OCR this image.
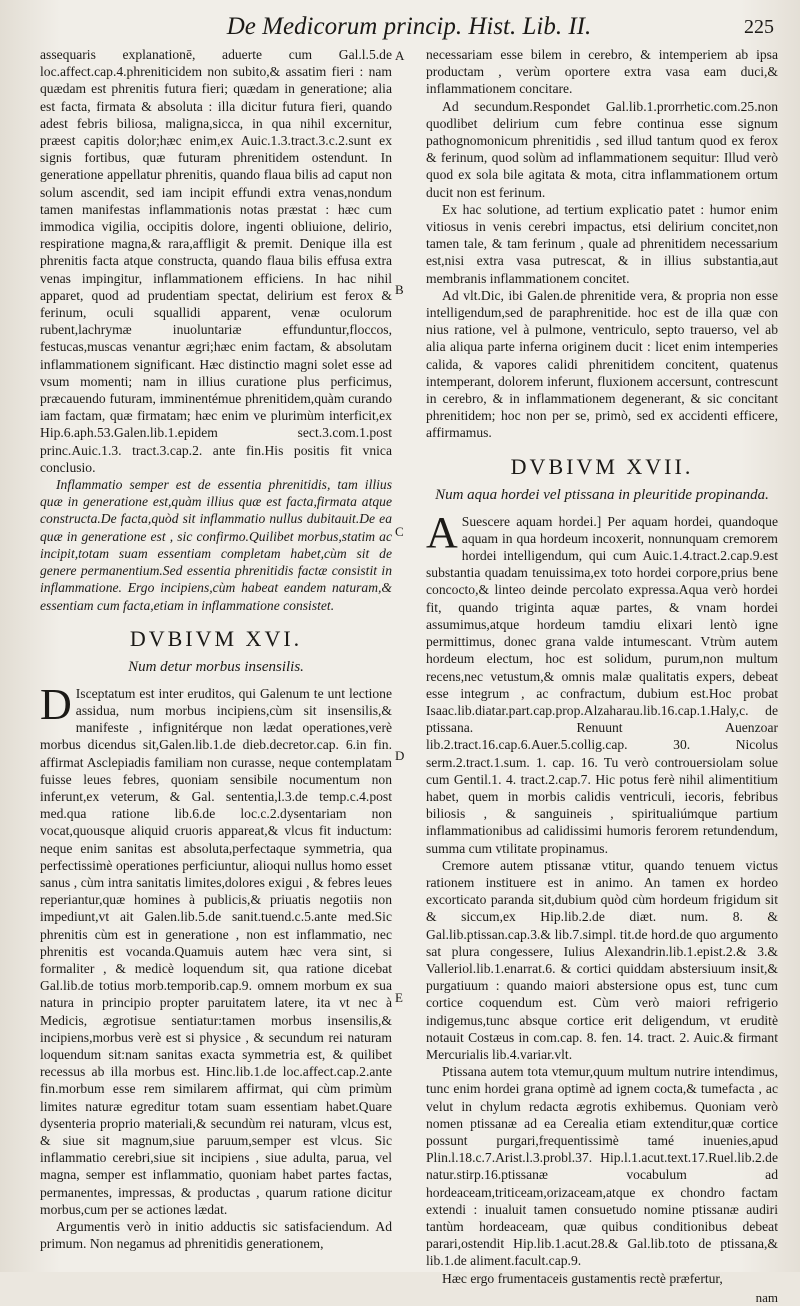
De Medicorum princip. Hist. Lib. II.	225
A
B
C
D
E

assequaris explanationē, aduerte cum Gal.l.5.de loc.affect.cap.4.phreniticidem non subito,& assatim fieri : nam quædam est phrenitis futura fieri; quædam in generatione; alia est facta, firmata & absoluta : illa dicitur futura fieri, quando adest febris biliosa, maligna,sicca, in qua nihil excernitur, præest capitis dolor;hæc enim,ex Auic.1.3.tract.3.c.2.sunt ex signis fortibus, quæ futuram phrenitidem ostendunt. In generatione appellatur phrenitis, quando flaua bilis ad caput non solum ascendit, sed iam incipit effundi extra venas,nondum tamen manifestas inflammationis notas præstat : hæc cum immodica vigilia, occipitis dolore, ingenti obliuione, delirio, respiratione magna,& rara,affligit & premit. Denique illa est phrenitis facta atque constructa, quando flaua bilis effusa extra venas impingitur, inflammationem efficiens. In hac nihil apparet, quod ad prudentiam spectat, delirium est ferox & ferinum, oculi squallidi apparent, venæ oculorum rubent,lachrymæ inuoluntariæ effunduntur,floccos, festucas,muscas venantur ægri;hæc enim factam, & absolutam inflammationem significant. Hæc distinctio magni solet esse ad vsum momenti; nam in illius curatione plus perficimus, præcauendo futuram, imminentémue phrenitidem,quàm curando iam factam, quæ firmatam; hæc enim ve plurimùm interficit,ex Hip.6.aph.53.Galen.lib.1.epidem sect.3.com.1.post princ.Auic.1.3. tract.3.cap.2. ante fin.His positis fit vnica conclusio.

Inflammatio semper est de essentia phrenitidis, tam illius quæ in generatione est,quàm illius quæ est facta,firmata atque constructa.De facta,quòd sit inflammatio nullus dubitauit.De ea quæ in generatione est , sic confirmo.Quilibet morbus,statim ac incipit,totam suam essentiam completam habet,cùm sit de genere permanentium.Sed essentia phrenitidis factæ consistit in inflammatione. Ergo incipiens,cùm habeat eandem naturam,& essentiam cum facta,etiam in inflammatione consistet.

DVBIVM XVI.
Num detur morbus insensilis.

D Isceptatum est inter eruditos, qui Galenum te unt lectione assidua, num morbus incipiens,cùm sit insensilis,& manifeste , infignitérque non lædat operationes,verè morbus dicendus sit,Galen.lib.1.de dieb.decretor.cap. 6.in fin. affirmat Asclepiadis familiam non curasse, neque contemplatam fuisse leues febres, quoniam sensibile nocumentum non inferunt,ex veterum, & Gal. sententia,l.3.de temp.c.4.post med.qua ratione lib.6.de loc.c.2.dysentariam non vocat,quousque aliquid cruoris appareat,& vlcus fit inductum: neque enim sanitas est absoluta,perfectaque symmetria, qua perfectissimè operationes perficiuntur, alioqui nullus homo esset sanus , cùm intra sanitatis limites,dolores exigui , & febres leues reperiantur,quæ homines à publicis,& priuatis negotiis non impediunt,vt ait Galen.lib.5.de sanit.tuend.c.5.ante med.Sic phrenitis cùm est in generatione , non est inflammatio, nec phrenitis est vocanda.Quamuis autem hæc vera sint, si formaliter , & medicè loquendum sit, qua ratione dicebat Gal.lib.de totius morb.temporib.cap.9. omnem morbum ex sua natura in principio propter paruitatem latere, ita vt nec à Medicis, ægrotisue sentiatur:tamen morbus insensilis,& incipiens,morbus verè est si physice , & secundum rei naturam loquendum sit:nam sanitas exacta symmetria est, & quilibet recessus ab illa morbus est. Hinc.lib.1.de loc.affect.cap.2.ante fin.morbum esse rem similarem affirmat, qui cùm primùm limites naturæ egreditur totam suam essentiam habet.Quare dysenteria proprio materiali,& secundùm rei naturam, vlcus est, & siue sit magnum,siue paruum,semper est vlcus. Sic inflammatio cerebri,siue sit incipiens , siue adulta, parua, vel magna, semper est inflammatio, quoniam habet partes factas, permanentes, impressas, & productas , quarum ratione dicitur morbus,cum per se actiones lædat.

Argumentis verò in initio adductis sic satisfaciendum. Ad primum. Non negamus ad phrenitidis generationem,

necessariam esse bilem in cerebro, & intemperiem ab ipsa productam , verùm oportere extra vasa eam duci,& inflammationem concitare.

Ad secundum.Respondet Gal.lib.1.prorrhetic.com.25.non quodlibet delirium cum febre continua esse signum pathognomonicum phrenitidis , sed illud tantum quod ex ferox & ferinum, quod solùm ad inflammationem sequitur: Illud verò quod ex sola bile agitata & mota, citra inflammationem ortum ducit non est ferinum.

Ex hac solutione, ad tertium explicatio patet : humor enim vitiosus in venis cerebri impactus, etsi delirium concitet,non tamen tale, & tam ferinum , quale ad phrenitidem necessarium est,nisi extra vasa putrescat, & in illius substantia,aut membranis inflammationem concitet.

Ad vlt.Dic, ibi Galen.de phrenitide vera, & propria non esse intelligendum,sed de paraphrenitide. hoc est de illa quæ con nius ratione, vel à pulmone, ventriculo, septo trauerso, vel ab alia aliqua parte inferna originem ducit : licet enim intemperies calida, & vapores calidi phrenitidem concitent, quatenus intemperant, dolorem inferunt, fluxionem accersunt, contrescunt in cerebro, & in inflammationem degenerant, & sic concitant phrenitidem; hoc non per se, primò, sed ex accidenti efficere, affirmamus.

DVBIVM XVII.
Num aqua hordei vel ptissana in pleuritide propinanda.

A Suescere aquam hordei.] Per aquam hordei, quandoque aquam in qua hordeum incoxerit, nonnunquam cremorem hordei intelligendum, qui cum Auic.1.4.tract.2.cap.9.est substantia quadam tenuissima,ex toto hordei corpore,prius bene concocto,& linteo deinde percolato expressa.Aqua verò hordei fit, quando triginta aquæ partes, & vnam hordei assumimus,atque hordeum tamdiu elixari lentò igne permittimus, donec grana valde intumescant. Vtrùm autem hordeum electum, hoc est solidum, purum,non multum recens,nec vetustum,& omnis malæ qualitatis expers, debeat esse integrum , ac confractum, dubium est.Hoc probat Isaac.lib.diatar.part.cap.prop.Alzaharau.lib.16.cap.1.Haly,c. de ptissana. Renuunt Auenzoar lib.2.tract.16.cap.6.Auer.5.collig.cap. 30. Nicolus serm.2.tract.1.sum. 1. cap. 16. Tu verò controuersiolam solue cum Gentil.1. 4. tract.2.cap.7. Hic potus ferè nihil alimentitium habet, quem in morbis calidis ventriculi, iecoris, febribus biliosis , & sanguineis , spiritualiúmque partium inflammationibus ad calidissimi humoris ferorem retundendum, summa cum vtilitate propinamus.

Cremore autem ptissanæ vtitur, quando tenuem victus rationem instituere est in animo. An tamen ex hordeo excorticato paranda sit,dubium quòd cùm hordeum frigidum sit & siccum,ex Hip.lib.2.de diæt. num. 8. & Gal.lib.ptissan.cap.3.& lib.7.simpl. tit.de hord.de quo argumento sat plura congessere, Iulius Alexandrin.lib.1.epist.2.& 3.& Valleriol.lib.1.enarrat.6. & cortici quiddam abstersiuum insit,& purgatiuum : quando maiori abstersione opus est, tunc cum cortice coquendum est. Cùm verò maiori refrigerio indigemus,tunc absque cortice erit deligendum, vt eruditè notauit Costæus in com.cap. 8. fen. 14. tract. 2. Auic.& firmant Mercurialis lib.4.variar.vlt.

Ptissana autem tota vtemur,quum multum nutrire intendimus, tunc enim hordei grana optimè ad ignem cocta,& tumefacta , ac velut in chylum redacta ægrotis exhibemus. Quoniam verò nomen ptissanæ ad ea Cerealia etiam extenditur,quæ cortice possunt purgari,frequentissimè tamé inuenies,apud Plin.l.18.c.7.Arist.l.3.probl.37. Hip.l.1.acut.text.17.Ruel.lib.2.de natur.stirp.16.ptissanæ vocabulum ad hordeaceam,triticeam,orizaceam,atque ex chondro factam extendi : inualuit tamen consuetudo nomine ptissanæ audiri tantùm hordeaceam, quæ quibus conditionibus debeat parari,ostendit Hip.lib.1.acut.28.& Gal.lib.toto de ptissana,& lib.1.de aliment.facult.cap.9.

Hæc ergo frumentaceis gustamentis rectè præfertur,

nam
